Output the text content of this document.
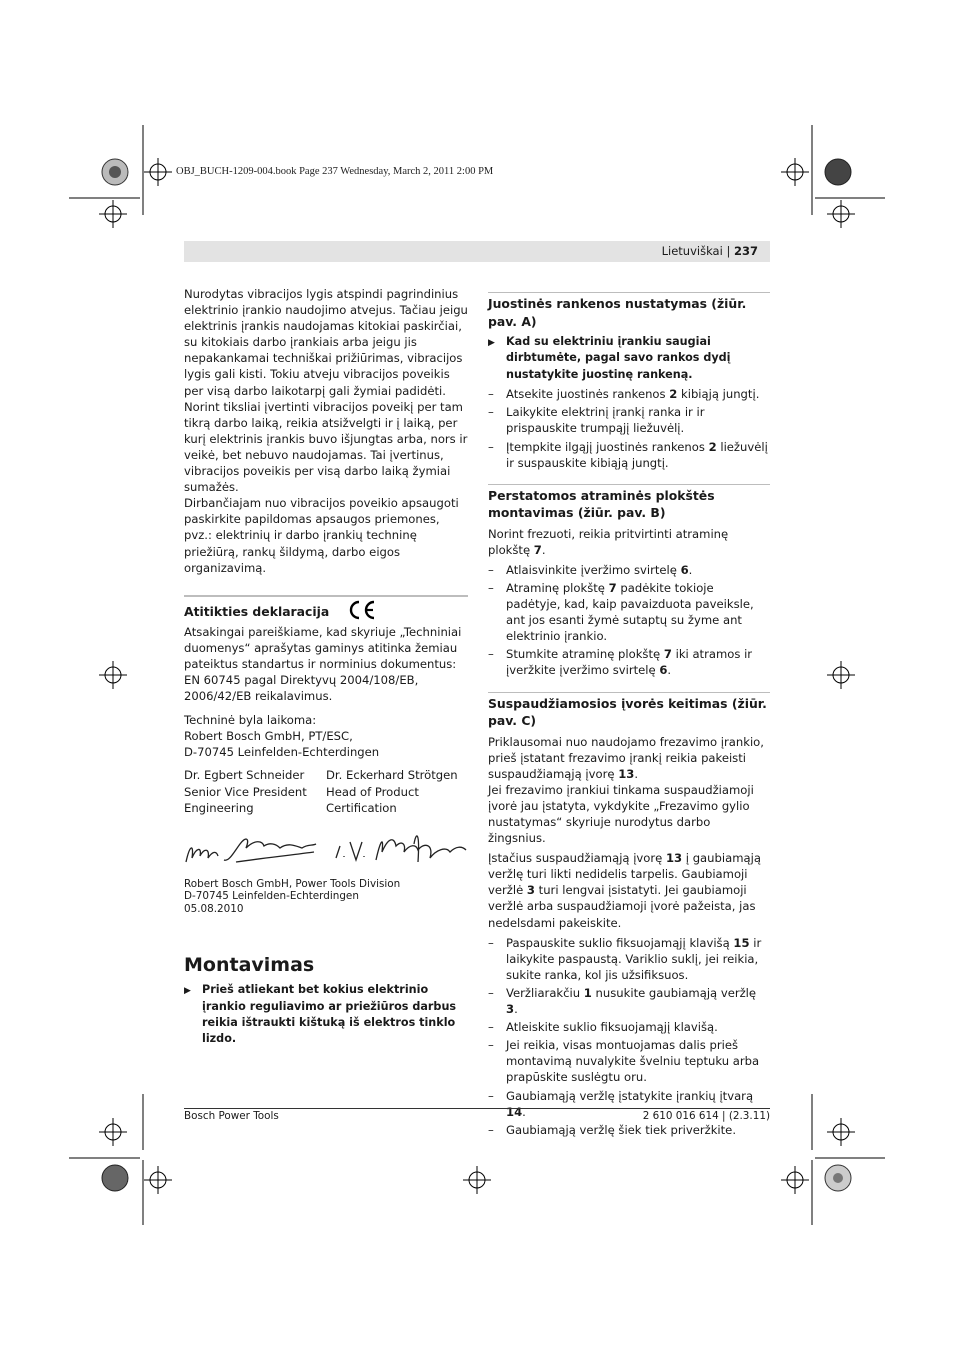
OBJ_BUCH-1209-004.book Page 237 Wednesday, March 2, 2011 2:00 PM
Lietuviškai | 237

Nurodytas vibracijos lygis atspindi pagrindinius elektrinio įrankio naudojimo atvejus. Tačiau jeigu elektrinis įrankis naudojamas kitokiai paskirčiai, su kitokiais darbo įrankiais arba jeigu jis nepakankamai techniškai prižiūrimas, vibracijos lygis gali kisti. Tokiu atveju vibracijos poveikis per visą darbo laikotarpį gali žymiai padidėti. Norint tiksliai įvertinti vibracijos poveikį per tam tikrą darbo laiką, reikia atsižvelgti ir į laiką, per kurį elektrinis įrankis buvo išjungtas arba, nors ir veikė, bet nebuvo naudojamas. Tai įvertinus, vibracijos poveikis per visą darbo laiką žymiai sumažės.

Dirbančiajam nuo vibracijos poveikio apsaugoti paskirkite papildomas apsaugos priemones, pvz.: elektrinių ir darbo įrankių techninę priežiūrą, rankų šildymą, darbo eigos organizavimą.

Atitikties deklaracija

Atsakingai pareiškiame, kad skyriuje „Techniniai duomenys“ aprašytas gaminys atitinka žemiau pateiktus standartus ir norminius dokumentus: EN 60745 pagal Direktyvų 2004/108/EB, 2006/42/EB reikalavimus.

Techninė byla laikoma:
Robert Bosch GmbH, PT/ESC,
D-70745 Leinfelden-Echterdingen
Dr. Egbert Schneider
Senior Vice President
Engineering
Dr. Eckerhard Strötgen
Head of Product
Certification
Robert Bosch GmbH, Power Tools Division
D-70745 Leinfelden-Echterdingen
05.08.2010
Montavimas
▶ Prieš atliekant bet kokius elektrinio įrankio reguliavimo ar priežiūros darbus reikia ištraukti kištuką iš elektros tinklo lizdo.
Juostinės rankenos nustatymas (žiūr. pav. A)
▶ Kad su elektriniu įrankiu saugiai dirbtumėte, pagal savo rankos dydį nustatykite juostinę rankeną.
–	Atsekite juostinės rankenos 2 kibiąją jungtį.
–	Laikykite elektrinį įrankį ranka ir ir prispauskite trumpąjį liežuvėlį.
–	Įtempkite ilgąjį juostinės rankenos 2 liežuvėlį ir suspauskite kibiąją jungtį.
Perstatomos atraminės plokštės montavimas (žiūr. pav. B)

Norint frezuoti, reikia pritvirtinti atraminę plokštę 7.

–	Atlaisvinkite įveržimo svirtelę 6.
–	Atraminę plokštę 7 padėkite tokioje padėtyje, kad, kaip pavaizduota paveiksle, ant jos esanti žymė sutaptų su žyme ant elektrinio įrankio.
–	Stumkite atraminę plokštę 7 iki atramos ir įveržkite įveržimo svirtelę 6.
Suspaudžiamosios įvorės keitimas (žiūr. pav. C)

Priklausomai nuo naudojamo frezavimo įrankio, prieš įstatant frezavimo įrankį reikia pakeisti suspaudžiamąją įvorę 13.

Jei frezavimo įrankiui tinkama suspaudžiamoji įvorė jau įstatyta, vykdykite „Frezavimo gylio nustatymas“ skyriuje nurodytus darbo žingsnius.

Įstačius suspaudžiamąją įvorę 13 į gaubiamąją veržlę turi likti nedidelis tarpelis. Gaubiamoji veržlė 3 turi lengvai įsistatyti. Jei gaubiamoji veržlė arba suspaudžiamoji įvorė pažeista, jas nedelsdami pakeiskite.

–	Paspauskite suklio fiksuojamąjį klavišą 15 ir laikykite paspaustą. Variklio suklį, jei reikia, sukite ranka, kol jis užsifiksuos.
–	Veržliarakčiu 1 nusukite gaubiamąją veržlę 3.
–	Atleiskite suklio fiksuojamąjį klavišą.
–	Jei reikia, visas montuojamas dalis prieš montavimą nuvalykite švelniu teptuku arba prapūskite suslėgtu oru.
–	Gaubiamąją veržlę įstatykite įrankių įtvarą 14.
–	Gaubiamąją veržlę šiek tiek priveržkite.
Bosch Power Tools	2 610 016 614 | (2.3.11)
